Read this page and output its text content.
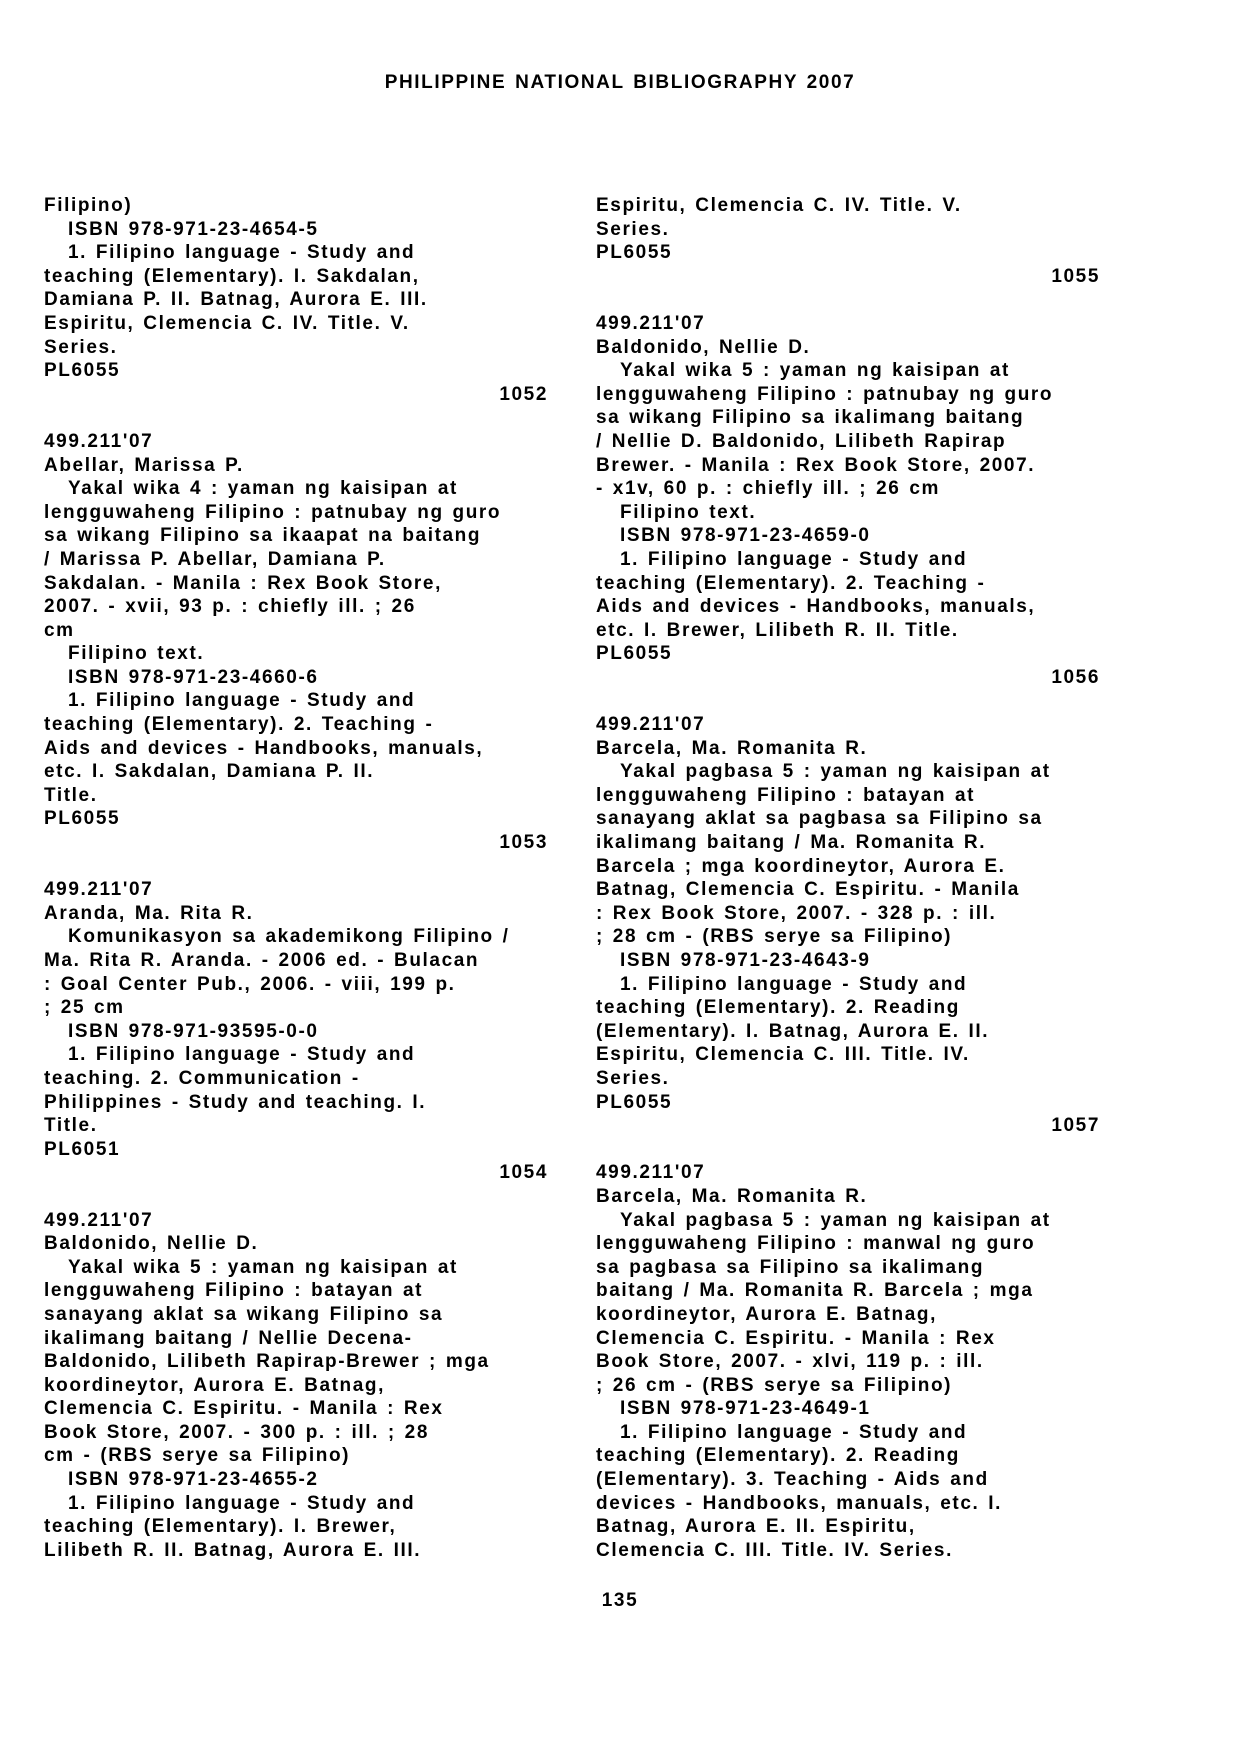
PHILIPPINE NATIONAL BIBLIOGRAPHY 2007
Filipino)
ISBN 978-971-23-4654-5
1. Filipino language - Study and
teaching (Elementary). I. Sakdalan,
Damiana P. II. Batnag, Aurora E. III.
Espiritu, Clemencia C. IV. Title. V.
Series.
PL6055
1052
499.211'07
Abellar, Marissa P.
Yakal wika 4 : yaman ng kaisipan at
lengguwaheng Filipino : patnubay ng guro
sa wikang Filipino sa ikaapat na baitang
/ Marissa P. Abellar, Damiana P.
Sakdalan. - Manila : Rex Book Store,
2007. - xvii, 93 p. : chiefly ill. ; 26
cm
Filipino text.
ISBN 978-971-23-4660-6
1. Filipino language - Study and
teaching (Elementary). 2. Teaching -
Aids and devices - Handbooks, manuals,
etc. I. Sakdalan, Damiana P. II.
Title.
PL6055
1053
499.211'07
Aranda, Ma. Rita R.
Komunikasyon sa akademikong Filipino /
Ma. Rita R. Aranda. - 2006 ed. - Bulacan
: Goal Center Pub., 2006. - viii, 199 p.
; 25 cm
ISBN 978-971-93595-0-0
1. Filipino language - Study and
teaching. 2. Communication -
Philippines - Study and teaching. I.
Title.
PL6051
1054
499.211'07
Baldonido, Nellie D.
Yakal wika 5 : yaman ng kaisipan at
lengguwaheng Filipino : batayan at
sanayang aklat sa wikang Filipino sa
ikalimang baitang / Nellie Decena-
Baldonido, Lilibeth Rapirap-Brewer ; mga
koordineytor, Aurora E. Batnag,
Clemencia C. Espiritu. - Manila : Rex
Book Store, 2007. - 300 p. : ill. ; 28
cm - (RBS serye sa Filipino)
ISBN 978-971-23-4655-2
1. Filipino language - Study and
teaching (Elementary). I. Brewer,
Lilibeth R. II. Batnag, Aurora E. III.
Espiritu, Clemencia C. IV. Title. V.
Series.
PL6055
1055
499.211'07
Baldonido, Nellie D.
Yakal wika 5 : yaman ng kaisipan at
lengguwaheng Filipino : patnubay ng guro
sa wikang Filipino sa ikalimang baitang
/ Nellie D. Baldonido, Lilibeth Rapirap
Brewer. - Manila : Rex Book Store, 2007.
- x1v, 60 p. : chiefly ill. ; 26 cm
Filipino text.
ISBN 978-971-23-4659-0
1. Filipino language - Study and
teaching (Elementary). 2. Teaching -
Aids and devices - Handbooks, manuals,
etc. I. Brewer, Lilibeth R. II. Title.
PL6055
1056
499.211'07
Barcela, Ma. Romanita R.
Yakal pagbasa 5 : yaman ng kaisipan at
lengguwaheng Filipino : batayan at
sanayang aklat sa pagbasa sa Filipino sa
ikalimang baitang / Ma. Romanita R.
Barcela ; mga koordineytor, Aurora E.
Batnag, Clemencia C. Espiritu. - Manila
: Rex Book Store, 2007. - 328 p. : ill.
; 28 cm - (RBS serye sa Filipino)
ISBN 978-971-23-4643-9
1. Filipino language - Study and
teaching (Elementary). 2. Reading
(Elementary). I. Batnag, Aurora E. II.
Espiritu, Clemencia C. III. Title. IV.
Series.
PL6055
1057
499.211'07
Barcela, Ma. Romanita R.
Yakal pagbasa 5 : yaman ng kaisipan at
lengguwaheng Filipino : manwal ng guro
sa pagbasa sa Filipino sa ikalimang
baitang / Ma. Romanita R. Barcela ; mga
koordineytor, Aurora E. Batnag,
Clemencia C. Espiritu. - Manila : Rex
Book Store, 2007. - xlvi, 119 p. : ill.
; 26 cm - (RBS serye sa Filipino)
ISBN 978-971-23-4649-1
1. Filipino language - Study and
teaching (Elementary). 2. Reading
(Elementary). 3. Teaching - Aids and
devices - Handbooks, manuals, etc. I.
Batnag, Aurora E. II. Espiritu,
Clemencia C. III. Title. IV. Series.
135
